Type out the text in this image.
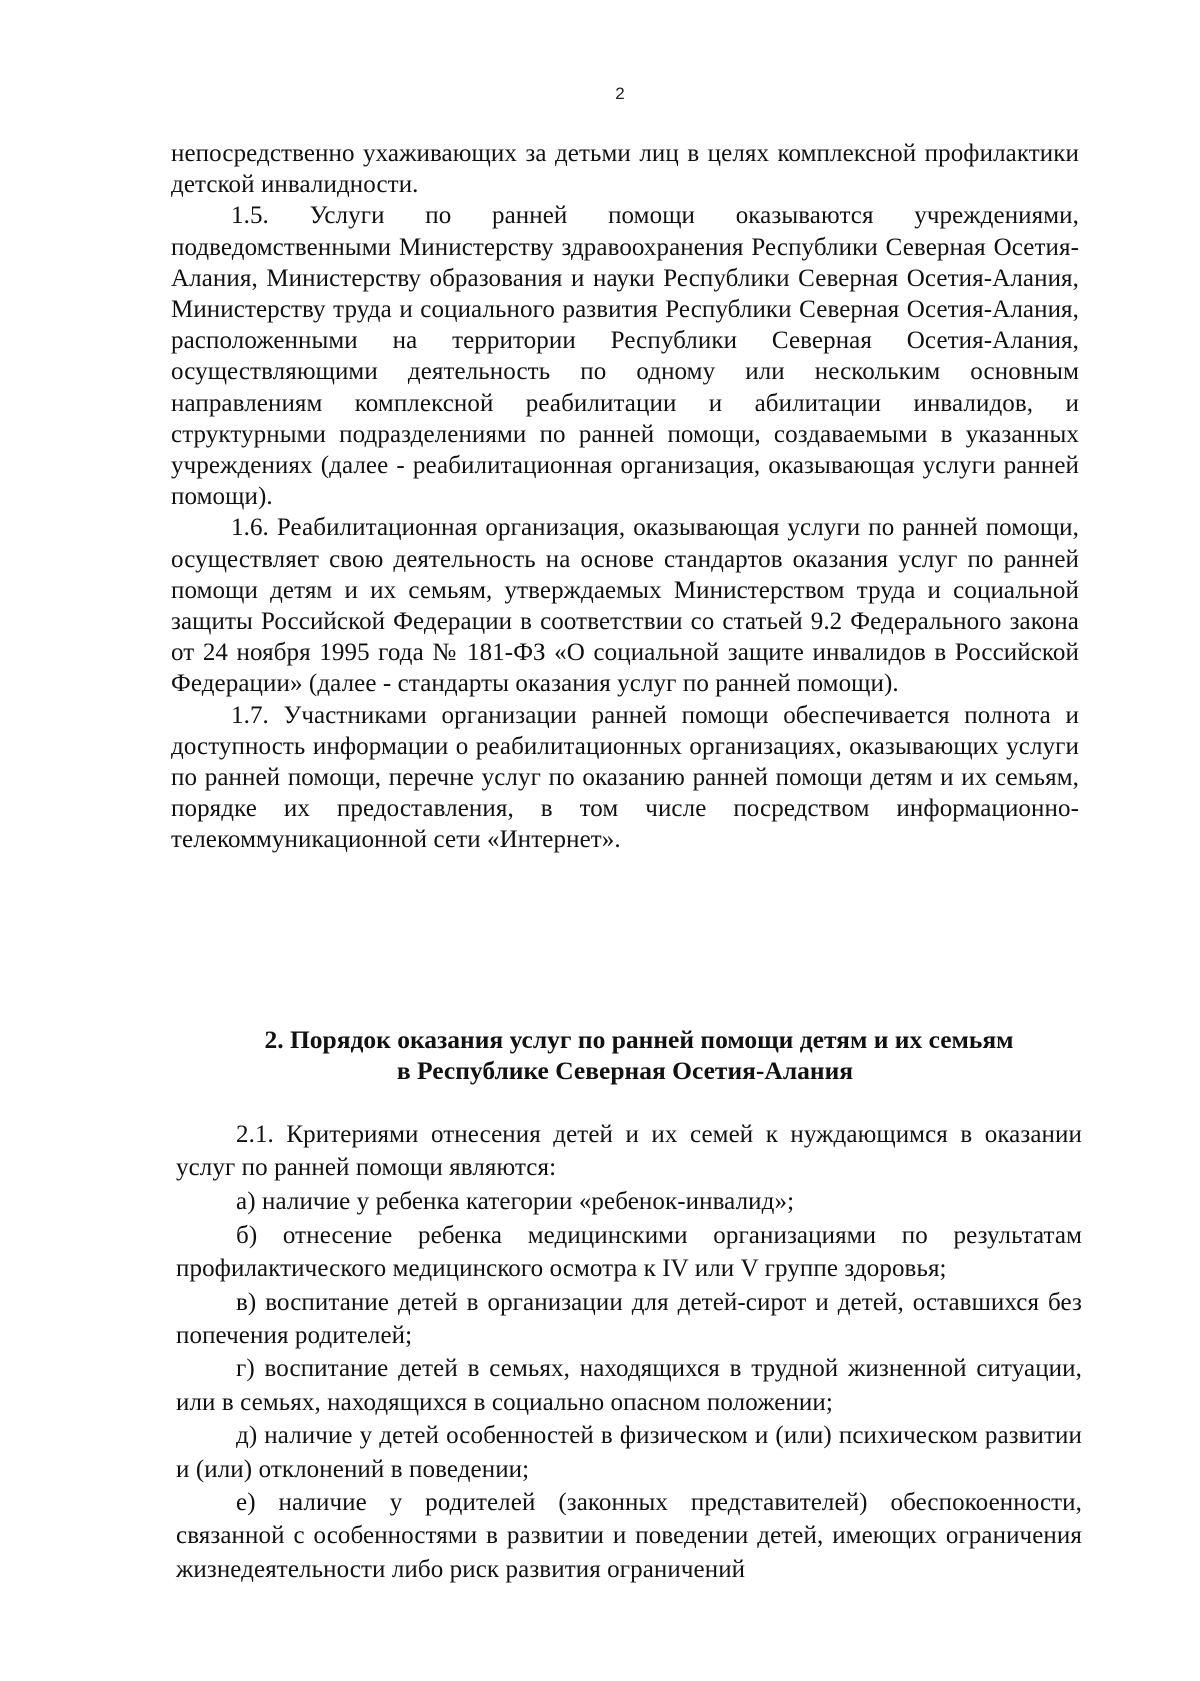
2

непосредственно ухаживающих за детьми лиц в целях комплексной профилактики детской инвалидности.

1.5. Услуги по ранней помощи оказываются учреждениями, подведомственными Министерству здравоохранения Республики Северная Осетия-Алания, Министерству образования и науки Республики Северная Осетия-Алания, Министерству труда и социального развития Республики Северная Осетия-Алания, расположенными на территории Республики Северная Осетия-Алания, осуществляющими деятельность по одному или нескольким основным направлениям комплексной реабилитации и абилитации инвалидов, и структурными подразделениями по ранней помощи, создаваемыми в указанных учреждениях (далее - реабилитационная организация, оказывающая услуги ранней помощи).

1.6. Реабилитационная организация, оказывающая услуги по ранней помощи, осуществляет свою деятельность на основе стандартов оказания услуг по ранней помощи детям и их семьям, утверждаемых Министерством труда и социальной защиты Российской Федерации в соответствии со статьей 9.2 Федерального закона от 24 ноября 1995 года № 181-ФЗ «О социальной защите инвалидов в Российской Федерации» (далее - стандарты оказания услуг по ранней помощи).

1.7. Участниками организации ранней помощи обеспечивается полнота и доступность информации о реабилитационных организациях, оказывающих услуги по ранней помощи, перечне услуг по оказанию ранней помощи детям и их семьям, порядке их предоставления, в том числе посредством информационно-телекоммуникационной сети «Интернет».

2. Порядок оказания услуг по ранней помощи детям и их семьям
в Республике Северная Осетия-Алания

2.1. Критериями отнесения детей и их семей к нуждающимся в оказании услуг по ранней помощи являются:

а) наличие у ребенка категории «ребенок-инвалид»;

б) отнесение ребенка медицинскими организациями по результатам профилактического медицинского осмотра к IV или V группе здоровья;

в) воспитание детей в организации для детей-сирот и детей, оставшихся без попечения родителей;

г) воспитание детей в семьях, находящихся в трудной жизненной ситуации, или в семьях, находящихся в социально опасном положении;

д) наличие у детей особенностей в физическом и (или) психическом развитии и (или) отклонений в поведении;

е) наличие у родителей (законных представителей) обеспокоенности, связанной с особенностями в развитии и поведении детей, имеющих ограничения жизнедеятельности либо риск развития ограничений
